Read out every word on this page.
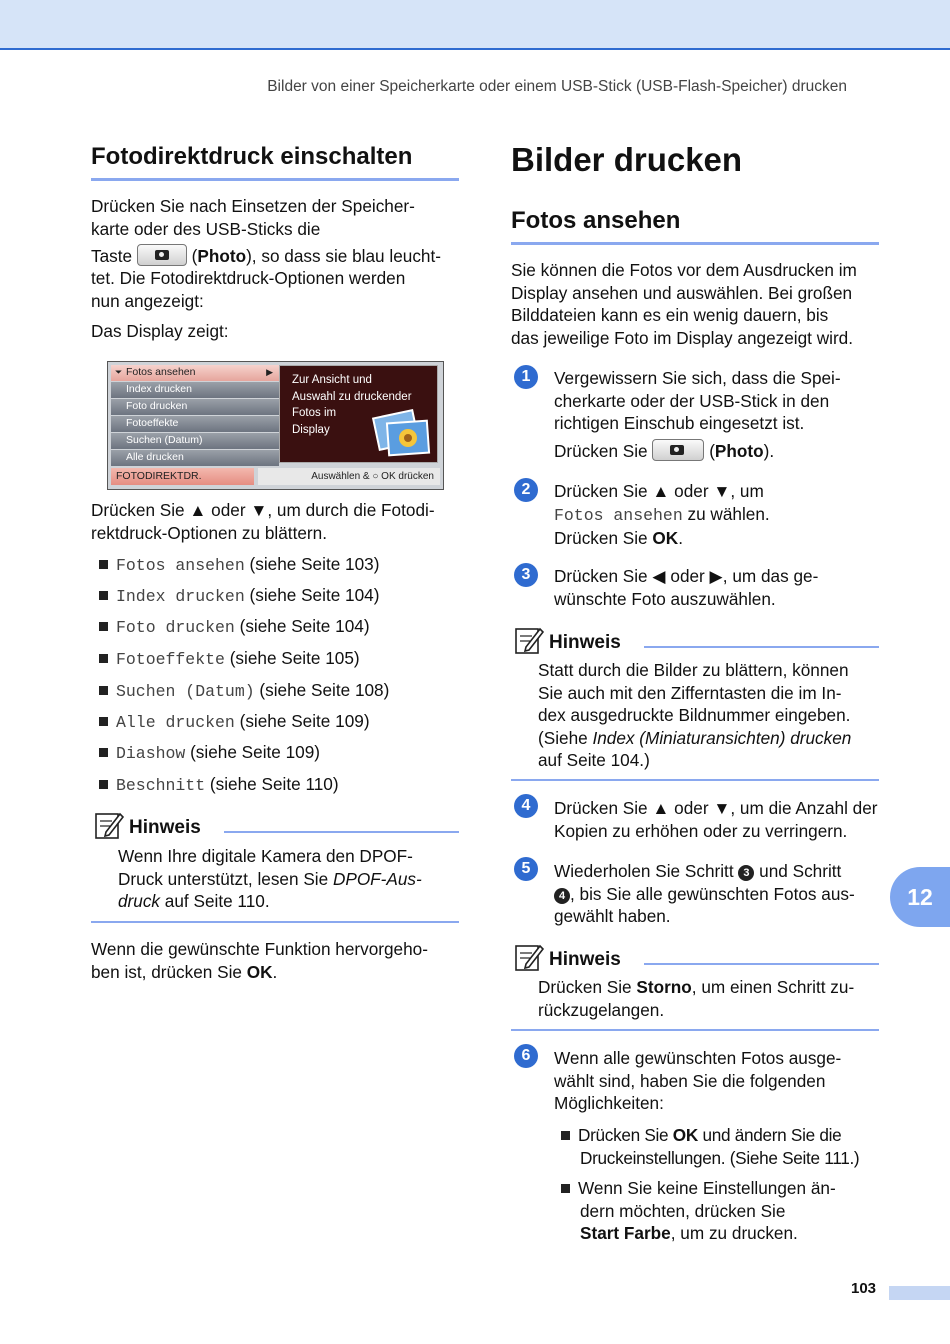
Bilder von einer Speicherkarte oder einem USB-Stick (USB-Flash-Speicher) drucken
Fotodirektdruck einschalten
Drücken Sie nach Einsetzen der Speicher-
karte oder des USB-Sticks die
Taste	(Photo), so dass sie blau leucht-
tet. Die Fotodirektdruck-Optionen werden
nun angezeigt:
Das Display zeigt:
⏷ Fotos ansehen	▶
Index drucken
Foto drucken
Fotoeffekte
Suchen (Datum)
Alle drucken
Zur Ansicht und
Auswahl zu druckender
Fotos im
Display
FOTODIREKTDR.	Auswählen & ○ OK drücken
Drücken Sie ▲ oder ▼, um durch die Fotodi-
rektdruck-Optionen zu blättern.
Fotos ansehen (siehe Seite 103)
Index drucken (siehe Seite 104)
Foto drucken (siehe Seite 104)
Fotoeffekte (siehe Seite 105)
Suchen (Datum) (siehe Seite 108)
Alle drucken (siehe Seite 109)
Diashow (siehe Seite 109)
Beschnitt (siehe Seite 110)
Hinweis
Wenn Ihre digitale Kamera den DPOF-
Druck unterstützt, lesen Sie DPOF-Aus-
druck auf Seite 110.
Wenn die gewünschte Funktion hervorgeho-
ben ist, drücken Sie OK.
Bilder drucken
Fotos ansehen
Sie können die Fotos vor dem Ausdrucken im
Display ansehen und auswählen. Bei großen
Bilddateien kann es ein wenig dauern, bis
das jeweilige Foto im Display angezeigt wird.
1	Vergewissern Sie sich, dass die Spei-
cherkarte oder der USB-Stick in den
richtigen Einschub eingesetzt ist.
Drücken Sie	(Photo).
2	Drücken Sie ▲ oder ▼, um
Fotos ansehen zu wählen.
Drücken Sie OK.
3	Drücken Sie ◀ oder ▶, um das ge-
wünschte Foto auszuwählen.
Hinweis
Statt durch die Bilder zu blättern, können
Sie auch mit den Zifferntasten die im In-
dex ausgedruckte Bildnummer eingeben.
(Siehe Index (Miniaturansichten) drucken
auf Seite 104.)
4	Drücken Sie ▲ oder ▼, um die Anzahl der
Kopien zu erhöhen oder zu verringern.
5	Wiederholen Sie Schritt 3 und Schritt
4 , bis Sie alle gewünschten Fotos aus-
gewählt haben.
Hinweis
Drücken Sie Storno, um einen Schritt zu-
rückzugelangen.
6	Wenn alle gewünschten Fotos ausge-
wählt sind, haben Sie die folgenden
Möglichkeiten:
Drücken Sie OK und ändern Sie die
Druckeinstellungen. (Siehe Seite 111.)
Wenn Sie keine Einstellungen än-
dern möchten, drücken Sie
Start Farbe, um zu drucken.
12
103
